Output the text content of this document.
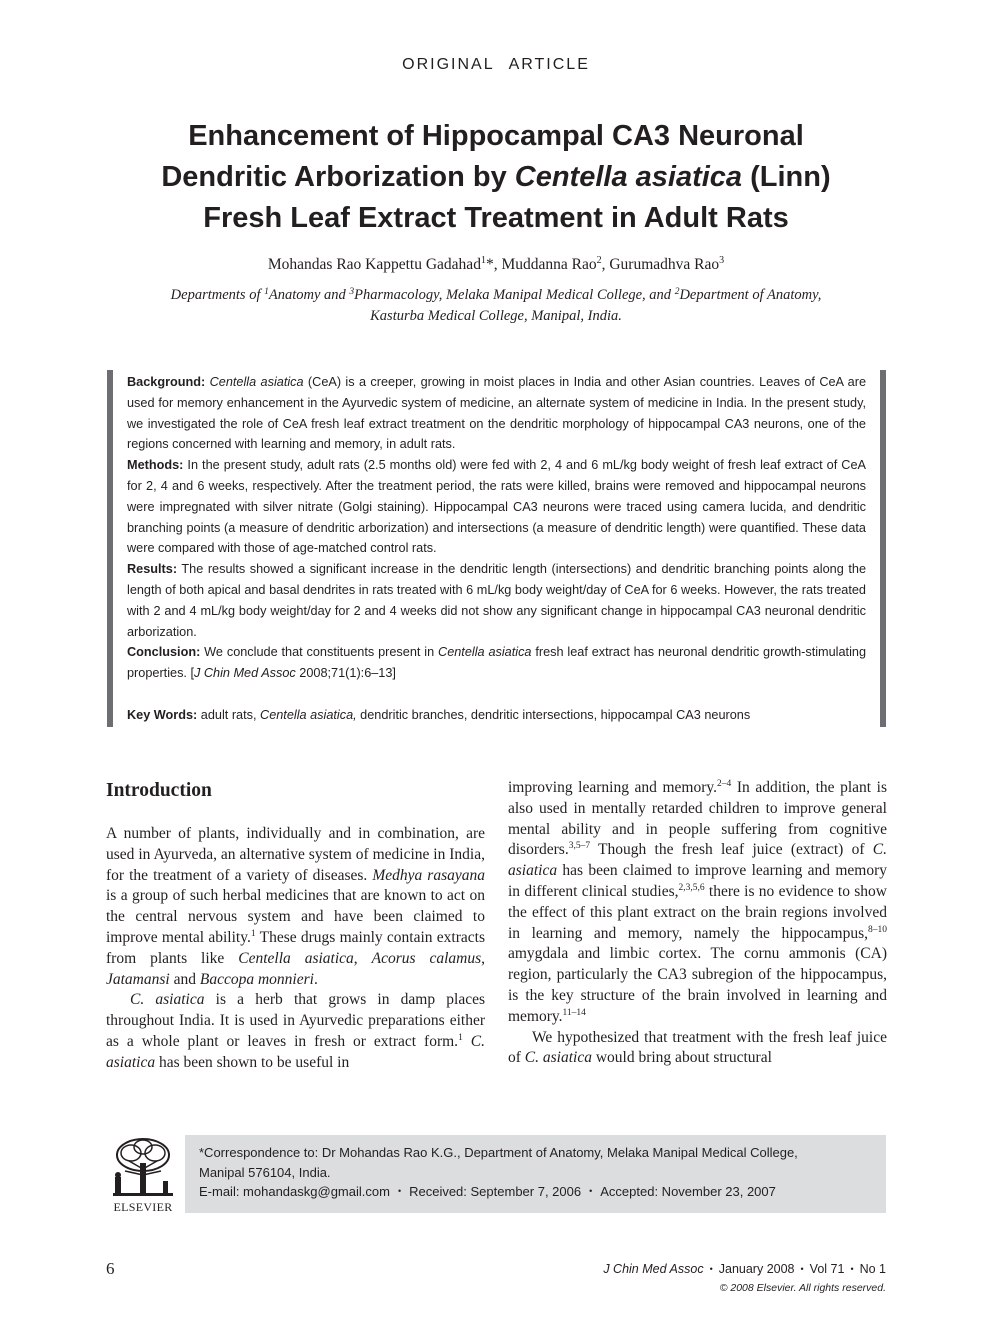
ORIGINAL ARTICLE
Enhancement of Hippocampal CA3 Neuronal
Dendritic Arborization by Centella asiatica (Linn)
Fresh Leaf Extract Treatment in Adult Rats
Mohandas Rao Kappettu Gadahad$^1$*, Muddanna Rao$^2$, Gurumadhva Rao$^3$
Departments of $^1$Anatomy and $^3$Pharmacology, Melaka Manipal Medical College, and $^2$Department of Anatomy,
Kasturba Medical College, Manipal, India.

Background: Centella asiatica (CeA) is a creeper, growing in moist places in India and other Asian countries. Leaves of CeA are used for memory enhancement in the Ayurvedic system of medicine, an alternate system of medicine in India. In the present study, we investigated the role of CeA fresh leaf extract treatment on the dendritic morphology of hippocampal CA3 neurons, one of the regions concerned with learning and memory, in adult rats.

Methods: In the present study, adult rats (2.5 months old) were fed with 2, 4 and 6 mL/kg body weight of fresh leaf extract of CeA for 2, 4 and 6 weeks, respectively. After the treatment period, the rats were killed, brains were removed and hippocampal neurons were impregnated with silver nitrate (Golgi staining). Hippocampal CA3 neurons were traced using camera lucida, and dendritic branching points (a measure of dendritic arborization) and intersections (a measure of dendritic length) were quantified. These data were compared with those of age-matched control rats.

Results: The results showed a significant increase in the dendritic length (intersections) and dendritic branching points along the length of both apical and basal dendrites in rats treated with 6 mL/kg body weight/day of CeA for 6 weeks. However, the rats treated with 2 and 4 mL/kg body weight/day for 2 and 4 weeks did not show any significant change in hippocampal CA3 neuronal dendritic arborization.

Conclusion: We conclude that constituents present in Centella asiatica fresh leaf extract has neuronal dendritic growth-stimulating properties. [J Chin Med Assoc 2008;71(1):6–13]

Key Words: adult rats, Centella asiatica, dendritic branches, dendritic intersections, hippocampal CA3 neurons

Introduction

A number of plants, individually and in combination, are used in Ayurveda, an alternative system of medicine in India, for the treatment of a variety of diseases. Medhya rasayana is a group of such herbal medicines that are known to act on the central nervous system and have been claimed to improve mental ability.$^1$ These drugs mainly contain extracts from plants like Centella asiatica, Acorus calamus, Jatamansi and Baccopa monnieri.

C. asiatica is a herb that grows in damp places throughout India. It is used in Ayurvedic preparations either as a whole plant or leaves in fresh or extract form.$^1$ C. asiatica has been shown to be useful in

improving learning and memory.$^{2-4}$ In addition, the plant is also used in mentally retarded children to improve general mental ability and in people suffering from cognitive disorders.$^{3,5-7}$ Though the fresh leaf juice (extract) of C. asiatica has been claimed to improve learning and memory in different clinical studies,$^{2,3,5,6}$ there is no evidence to show the effect of this plant extract on the brain regions involved in learning and memory, namely the hippocampus,$^{8-10}$ amygdala and limbic cortex. The cornu ammonis (CA) region, particularly the CA3 subregion of the hippocampus, is the key structure of the brain involved in learning and memory.$^{11-14}$

We hypothesized that treatment with the fresh leaf juice of C. asiatica would bring about structural

ELSEVIER
*Correspondence to: Dr Mohandas Rao K.G., Department of Anatomy, Melaka Manipal Medical College,
Manipal 576104, India.
E-mail: mohandaskg@gmail.com • Received: September 7, 2006 • Accepted: November 23, 2007
6	J Chin Med Assoc • January 2008 • Vol 71 • No 1
© 2008 Elsevier. All rights reserved.
